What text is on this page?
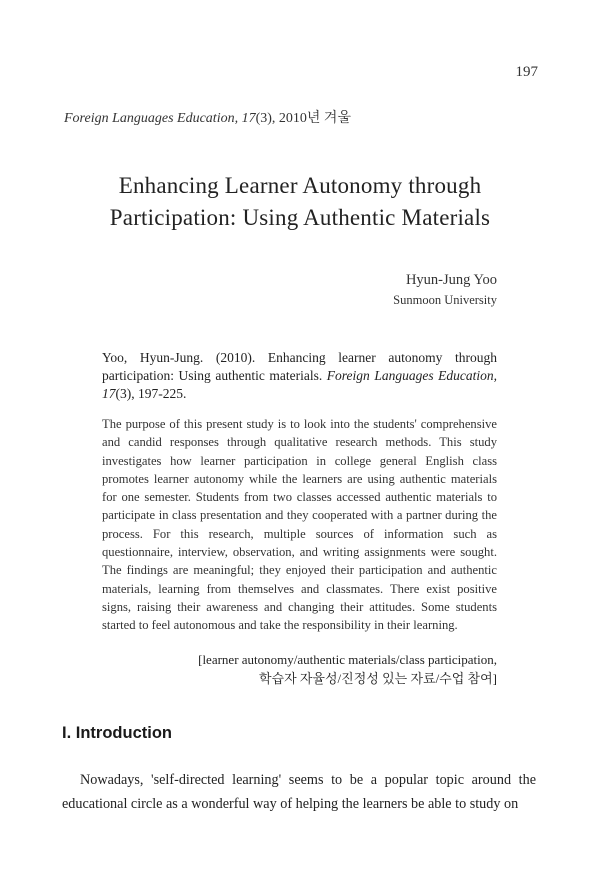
197
Foreign Languages Education, 17(3), 2010년 겨울
Enhancing Learner Autonomy through
Participation: Using Authentic Materials
Hyun-Jung Yoo
Sunmoon University
Yoo, Hyun-Jung. (2010). Enhancing learner autonomy through participation: Using authentic materials. Foreign Languages Education, 17(3), 197-225.
The purpose of this present study is to look into the students' comprehensive and candid responses through qualitative research methods. This study investigates how learner participation in college general English class promotes learner autonomy while the learners are using authentic materials for one semester. Students from two classes accessed authentic materials to participate in class presentation and they cooperated with a partner during the process. For this research, multiple sources of information such as questionnaire, interview, observation, and writing assignments were sought. The findings are meaningful; they enjoyed their participation and authentic materials, learning from themselves and classmates. There exist positive signs, raising their awareness and changing their attitudes. Some students started to feel autonomous and take the responsibility in their learning.
[learner autonomy/authentic materials/class participation,
학습자 자율성/진정성 있는 자료/수업 참여]
I. Introduction
Nowadays, 'self-directed learning' seems to be a popular topic around the educational circle as a wonderful way of helping the learners be able to study on
